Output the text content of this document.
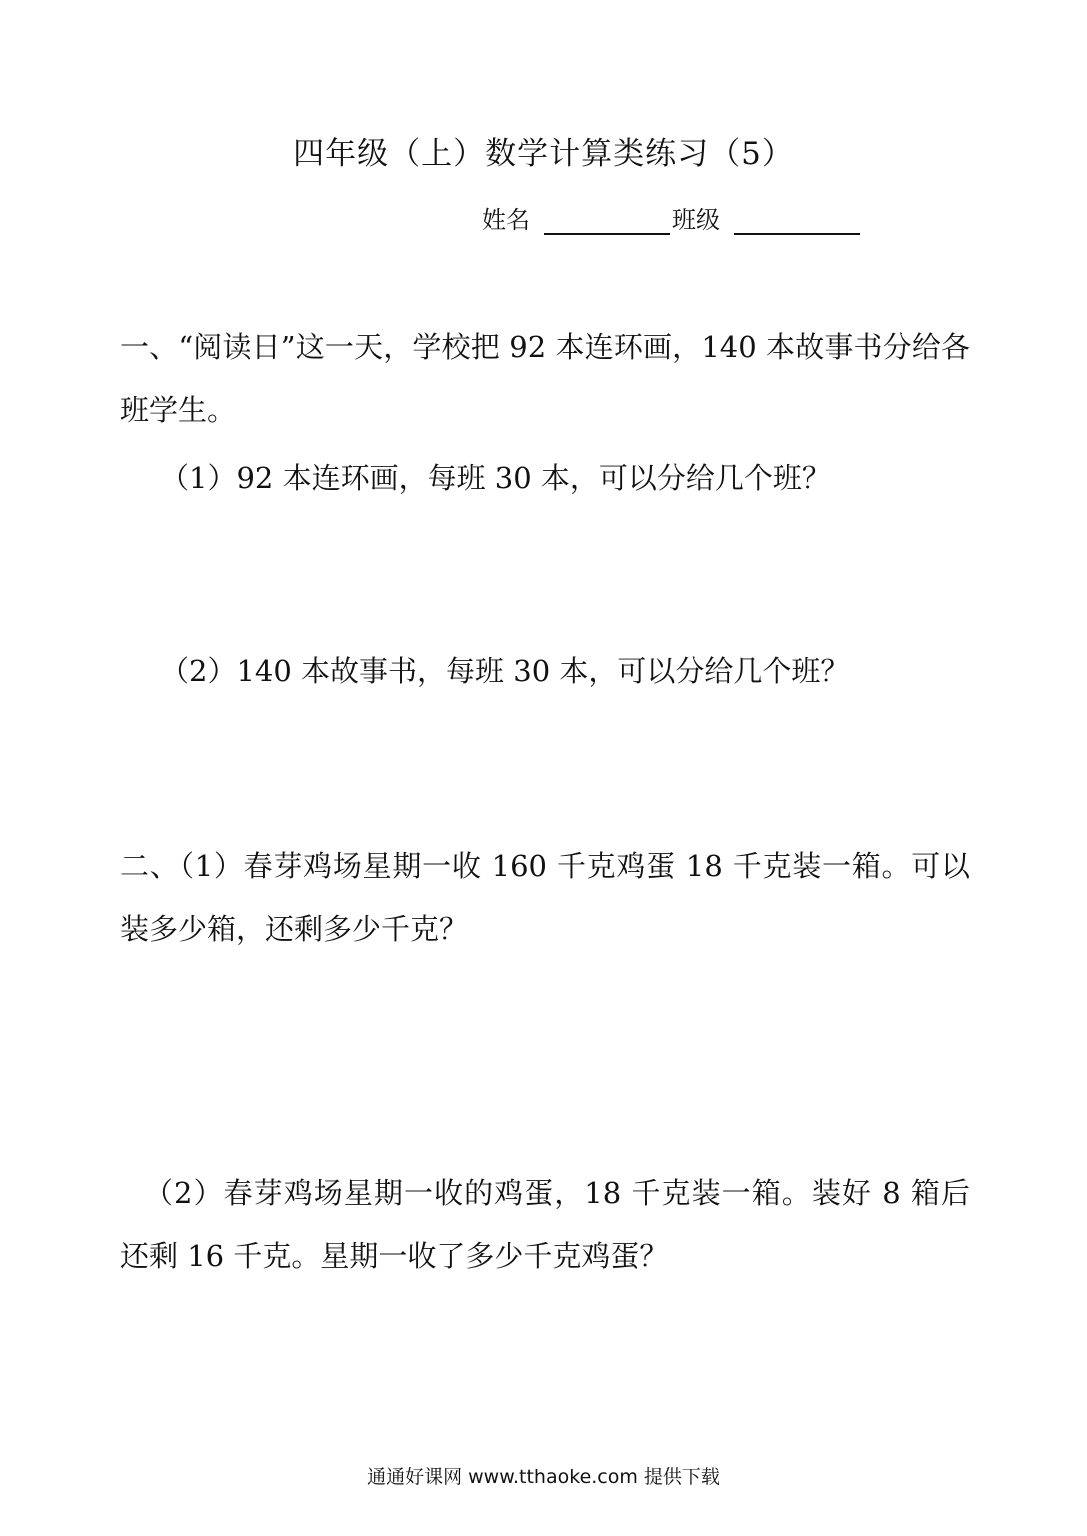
四年级（上）数学计算类练习（5）
姓名	班级
一、“阅读日”这一天，学校把 92 本连环画，140 本故事书分给各班学生。
（1）92 本连环画，每班 30 本，可以分给几个班？
（2）140 本故事书，每班 30 本，可以分给几个班？
二、（1）春芽鸡场星期一收 160 千克鸡蛋 18 千克装一箱。可以装多少箱，还剩多少千克？
（2）春芽鸡场星期一收的鸡蛋，18 千克装一箱。装好 8 箱后还剩 16 千克。星期一收了多少千克鸡蛋？
通通好课网 www.tthaoke.com 提供下载
